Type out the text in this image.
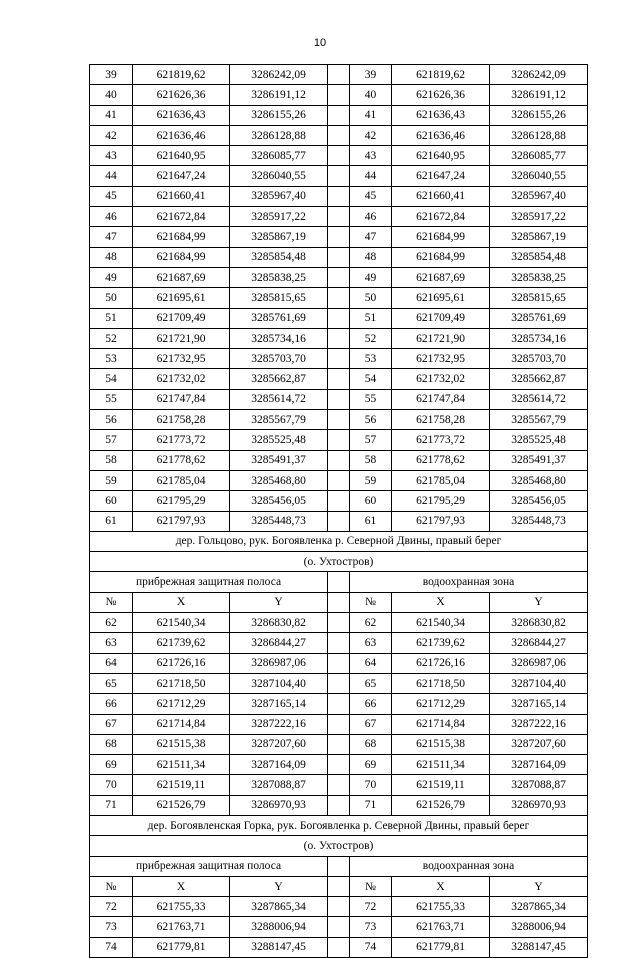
10
39	621819,62	3286242,09		39	621819,62	3286242,09
40	621626,36	3286191,12		40	621626,36	3286191,12
41	621636,43	3286155,26		41	621636,43	3286155,26
42	621636,46	3286128,88		42	621636,46	3286128,88
43	621640,95	3286085,77		43	621640,95	3286085,77
44	621647,24	3286040,55		44	621647,24	3286040,55
45	621660,41	3285967,40		45	621660,41	3285967,40
46	621672,84	3285917,22		46	621672,84	3285917,22
47	621684,99	3285867,19		47	621684,99	3285867,19
48	621684,99	3285854,48		48	621684,99	3285854,48
49	621687,69	3285838,25		49	621687,69	3285838,25
50	621695,61	3285815,65		50	621695,61	3285815,65
51	621709,49	3285761,69		51	621709,49	3285761,69
52	621721,90	3285734,16		52	621721,90	3285734,16
53	621732,95	3285703,70		53	621732,95	3285703,70
54	621732,02	3285662,87		54	621732,02	3285662,87
55	621747,84	3285614,72		55	621747,84	3285614,72
56	621758,28	3285567,79		56	621758,28	3285567,79
57	621773,72	3285525,48		57	621773,72	3285525,48
58	621778,62	3285491,37		58	621778,62	3285491,37
59	621785,04	3285468,80		59	621785,04	3285468,80
60	621795,29	3285456,05		60	621795,29	3285456,05
61	621797,93	3285448,73		61	621797,93	3285448,73
дер. Гольцово, рук. Богоявленка р. Северной Двины, правый берег						
(о. Ухтостров)						
прибрежная защитная полоса				водоохранная зона		
№	X	Y		№	X	Y
62	621540,34	3286830,82		62	621540,34	3286830,82
63	621739,62	3286844,27		63	621739,62	3286844,27
64	621726,16	3286987,06		64	621726,16	3286987,06
65	621718,50	3287104,40		65	621718,50	3287104,40
66	621712,29	3287165,14		66	621712,29	3287165,14
67	621714,84	3287222,16		67	621714,84	3287222,16
68	621515,38	3287207,60		68	621515,38	3287207,60
69	621511,34	3287164,09		69	621511,34	3287164,09
70	621519,11	3287088,87		70	621519,11	3287088,87
71	621526,79	3286970,93		71	621526,79	3286970,93
дер. Богоявленская Горка, рук. Богоявленка р. Северной Двины, правый берег						
(о. Ухтостров)						
прибрежная защитная полоса				водоохранная зона		
№	X	Y		№	X	Y
72	621755,33	3287865,34		72	621755,33	3287865,34
73	621763,71	3288006,94		73	621763,71	3288006,94
74	621779,81	3288147,45		74	621779,81	3288147,45
